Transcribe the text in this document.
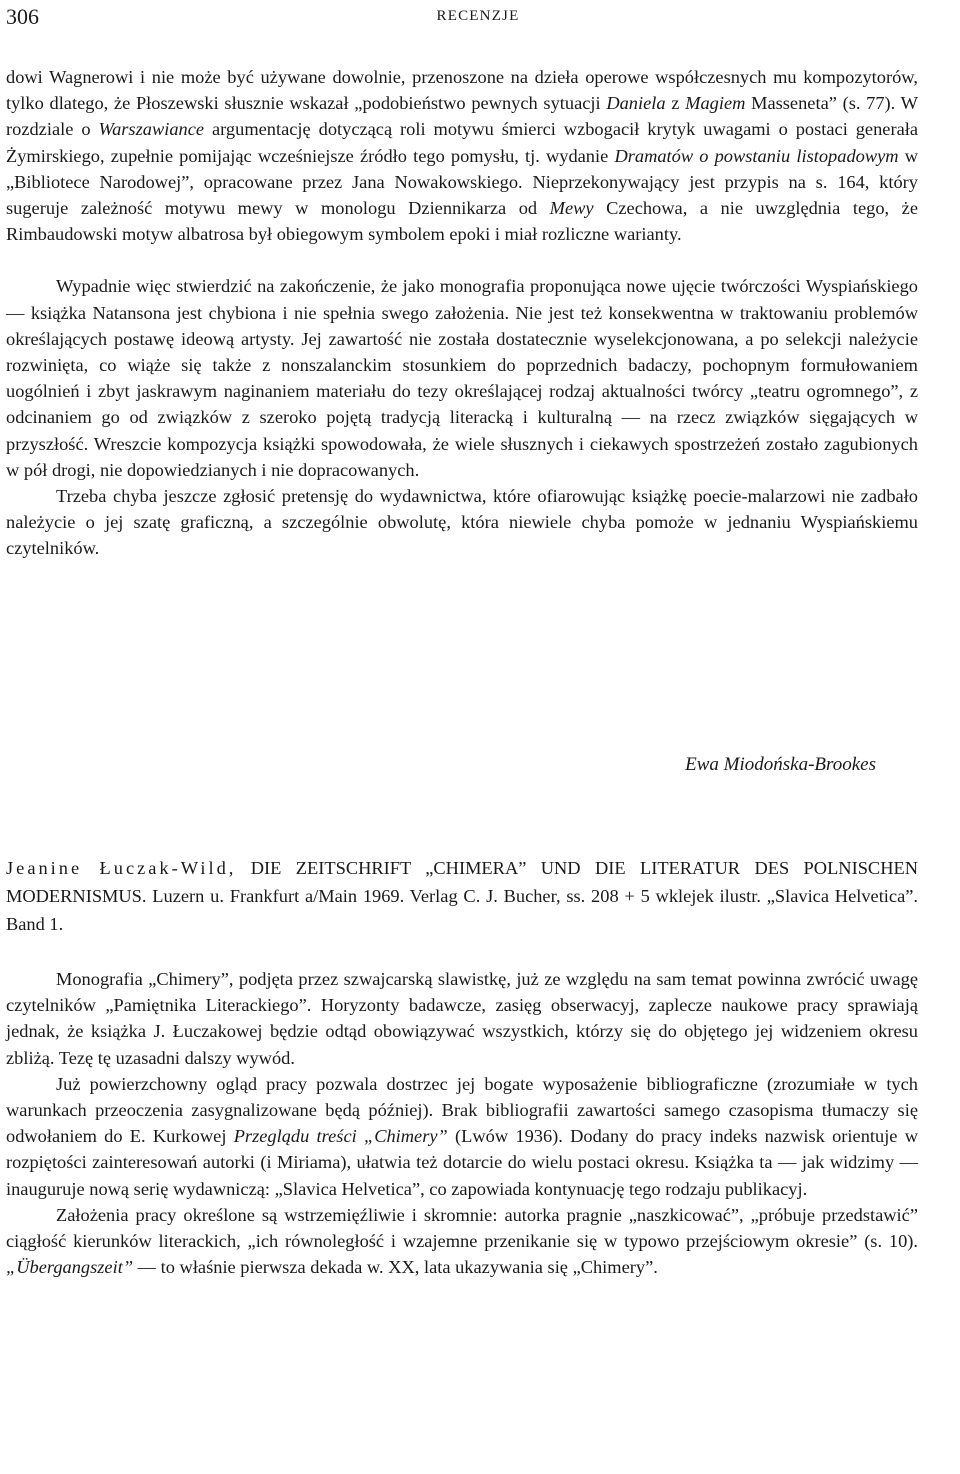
306	RECENZJE

dowi Wagnerowi i nie może być używane dowolnie, przenoszone na dzieła operowe współczesnych mu kompozytorów, tylko dlatego, że Płoszewski słusznie wskazał „podobieństwo pewnych sytuacji Daniela z Magiem Masseneta” (s. 77). W rozdziale o Warszawiance argumentację dotyczącą roli motywu śmierci wzbogacił krytyk uwagami o postaci generała Żymirskiego, zupełnie pomijając wcześniejsze źródło tego pomysłu, tj. wydanie Dramatów o powstaniu listopadowym w „Bibliotece Narodowej”, opracowane przez Jana Nowakowskiego. Nieprzekonywający jest przypis na s. 164, który sugeruje zależność motywu mewy w monologu Dziennikarza od Mewy Czechowa, a nie uwzględnia tego, że Rimbaudowski motyw albatrosa był obiegowym symbolem epoki i miał rozliczne warianty.

Wypadnie więc stwierdzić na zakończenie, że jako monografia proponująca nowe ujęcie twórczości Wyspiańskiego — książka Natansona jest chybiona i nie spełnia swego założenia. Nie jest też konsekwentna w traktowaniu problemów określających postawę ideową artysty. Jej zawartość nie została dostatecznie wyselekcjonowana, a po selekcji należycie rozwinięta, co wiąże się także z nonszalanckim stosunkiem do poprzednich badaczy, pochopnym formułowaniem uogólnień i zbyt jaskrawym naginaniem materiału do tezy określającej rodzaj aktualności twórcy „teatru ogromnego”, z odcinaniem go od związków z szeroko pojętą tradycją literacką i kulturalną — na rzecz związków sięgających w przyszłość. Wreszcie kompozycja książki spowodowała, że wiele słusznych i ciekawych spostrzeżeń zostało zagubionych w pół drogi, nie dopowiedzianych i nie dopracowanych.

Trzeba chyba jeszcze zgłosić pretensję do wydawnictwa, które ofiarowując książkę poecie-malarzowi nie zadbało należycie o jej szatę graficzną, a szczególnie obwolutę, która niewiele chyba pomoże w jednaniu Wyspiańskiemu czytelników.

Ewa Miodońska-Brookes
Jeanine Łuczak-Wild, DIE ZEITSCHRIFT „CHIMERA” UND DIE LITERATUR DES POLNISCHEN MODERNISMUS. Luzern u. Frankfurt a/Main 1969. Verlag C. J. Bucher, ss. 208 + 5 wklejek ilustr. „Slavica Helvetica”. Band 1.

Monografia „Chimery”, podjęta przez szwajcarską slawistkę, już ze względu na sam temat powinna zwrócić uwagę czytelników „Pamiętnika Literackiego”. Horyzonty badawcze, zasięg obserwacyj, zaplecze naukowe pracy sprawiają jednak, że książka J. Łuczakowej będzie odtąd obowiązywać wszystkich, którzy się do objętego jej widzeniem okresu zbliżą. Tezę tę uzasadni dalszy wywód.

Już powierzchowny ogląd pracy pozwala dostrzec jej bogate wyposażenie bibliograficzne (zrozumiałe w tych warunkach przeoczenia zasygnalizowane będą później). Brak bibliografii zawartości samego czasopisma tłumaczy się odwołaniem do E. Kurkowej Przeglądu treści „Chimery” (Lwów 1936). Dodany do pracy indeks nazwisk orientuje w rozpiętości zainteresowań autorki (i Miriama), ułatwia też dotarcie do wielu postaci okresu. Książka ta — jak widzimy — inauguruje nową serię wydawniczą: „Slavica Helvetica”, co zapowiada kontynuację tego rodzaju publikacyj.

Założenia pracy określone są wstrzemięźliwie i skromnie: autorka pragnie „naszkicować”, „próbuje przedstawić” ciągłość kierunków literackich, „ich równoległość i wzajemne przenikanie się w typowo przejściowym okresie” (s. 10). „Übergangszeit” — to właśnie pierwsza dekada w. XX, lata ukazywania się „Chimery”.
